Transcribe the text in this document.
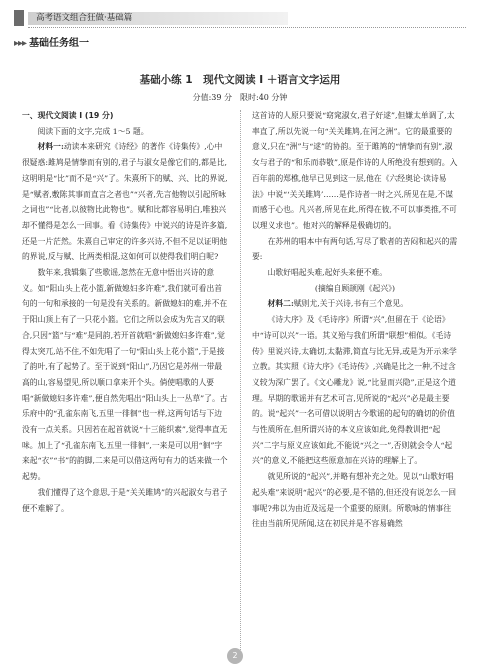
高考语文组合狂做·基础篇
▸▸▸ 基础任务组一
基础小练 1　现代文阅读 I ＋语言文字运用
分值:39 分　限时:40 分钟

一、现代文阅读 I (19 分)

阅读下面的文字,完成 1～5 题。

材料一:动读本来研究《诗经》的著作《诗集传》,心中很疑惑:雎鸠是情挚而有别的,君子与淑女是像它们的,都是比,这明明是“比”而不是“兴”了。朱熹所下的赋、兴、比的界说,是“赋者,敷陈其事而直言之者也”“兴者,先言他物以引起所咏之词也”“比者,以彼物比此物也”。赋和比都容易明白,唯独兴却不懂得是怎么一回事。看《诗集传》中说兴的诗是许多篇,还是一片茫然。朱熹自己审定的许多兴诗,不但不足以证明他的界说,反与赋、比两类相混,这如何可以使得我们明白呢?

数年来,我辑集了些歌谣,忽然在无意中悟出兴诗的意义。如“阳山头上花小篮,新做媳妇多许难”,我们就可看出首句的一句和承接的一句是没有关系的。新做媳妇的难,并不在于阳山顶上有了一只花小篮。它们之所以会成为先言又的联合,只因“篮”与“难”是同韵,若开首就唱“新做媳妇多许难”,觉得太突兀,站不住,不如先唱了一句“阳山头上花小篮”,于是接了韵叶,有了起势了。至于说到“阳山”,乃因它是苏州一带最高的山,容易望见,所以顺口拿来开个头。倘使唱歌的人要唱“新做媳妇多许难”,便自然先唱出“阳山头上一丛草”了。古乐府中的“孔雀东南飞,五里一徘徊”也一样,这两句话与下边没有一点关系。只因若在起首就说“十三能织素”,觉得率直无味。加上了“孔雀东南飞,五里一徘徊”,一来是可以用“徊”字来起“衣”“书”的韵脚,二来是可以借这两句有力的话来做一个起势。

我们懂得了这个意思,于是“关关雎鸠”的兴起淑女与君子便不难解了。

这首诗的人原只要说“窈窕淑女,君子好逑”,但嫌太单调了,太率直了,所以先说一句“关关雎鸠,在河之洲”。它的最重要的意义,只在“洲”与“逑”的协韵。至于雎鸠的“情挚而有别”,淑女与君子的“和乐而恭敬”,原是作诗的人所绝没有想到的。入百年前的郑樵,他早已见到这一层,他在《六经奥论·读诗易法》中说“‘关关雎鸠’……是作诗者一时之兴,所见在是,不谋而感于心也。凡兴者,所见在此,所得在彼,不可以事类推,不可以理义求也”。他对兴的解释是极确切的。

在苏州的唱本中有两句话,写尽了歌者的苦闷和起兴的需要:

山歌好唱起头难,起好头来便不难。

(摘编自顾颉刚《起兴》)

材料二:赋则尤,关于兴诗,书有三个意见。

《诗大序》及《毛诗序》所谓“兴”,但留在于《论语》中“诗可以兴”一语。其义殆与我们所谓“联想”相似。《毛诗传》里说兴诗,太确切,太黏滞,简直与比无异,或是为开示来学立教。其实照《诗大序》《毛诗传》,兴确是比之一种,不过含义较为深广罢了。《文心雕龙》说,“比显而兴隐”,正是这个道理。早期的歌谣并有艺术可言,见所说的“起兴”必是最主要的。说“起兴”一名可借以说明古今歌谣的起句的确切的价值与性质所在,但所谓兴诗的本义应该如此,免得教训把“起兴”二字与原义应该如此,不能说“兴之一”,否则就会令人“起兴”的意义,不能把这些原意加在兴诗的理解上了。

就见所说的“起兴”,并略有想补充之处。见以“山歌好唱起头难”来说明“起兴”的必要,是不错的,但还没有说怎么一回事呢?弗以为由近及远是一个重要的原则。所歌咏的情事往往由当前所见所闻,这在初民并是不容易确然

2
